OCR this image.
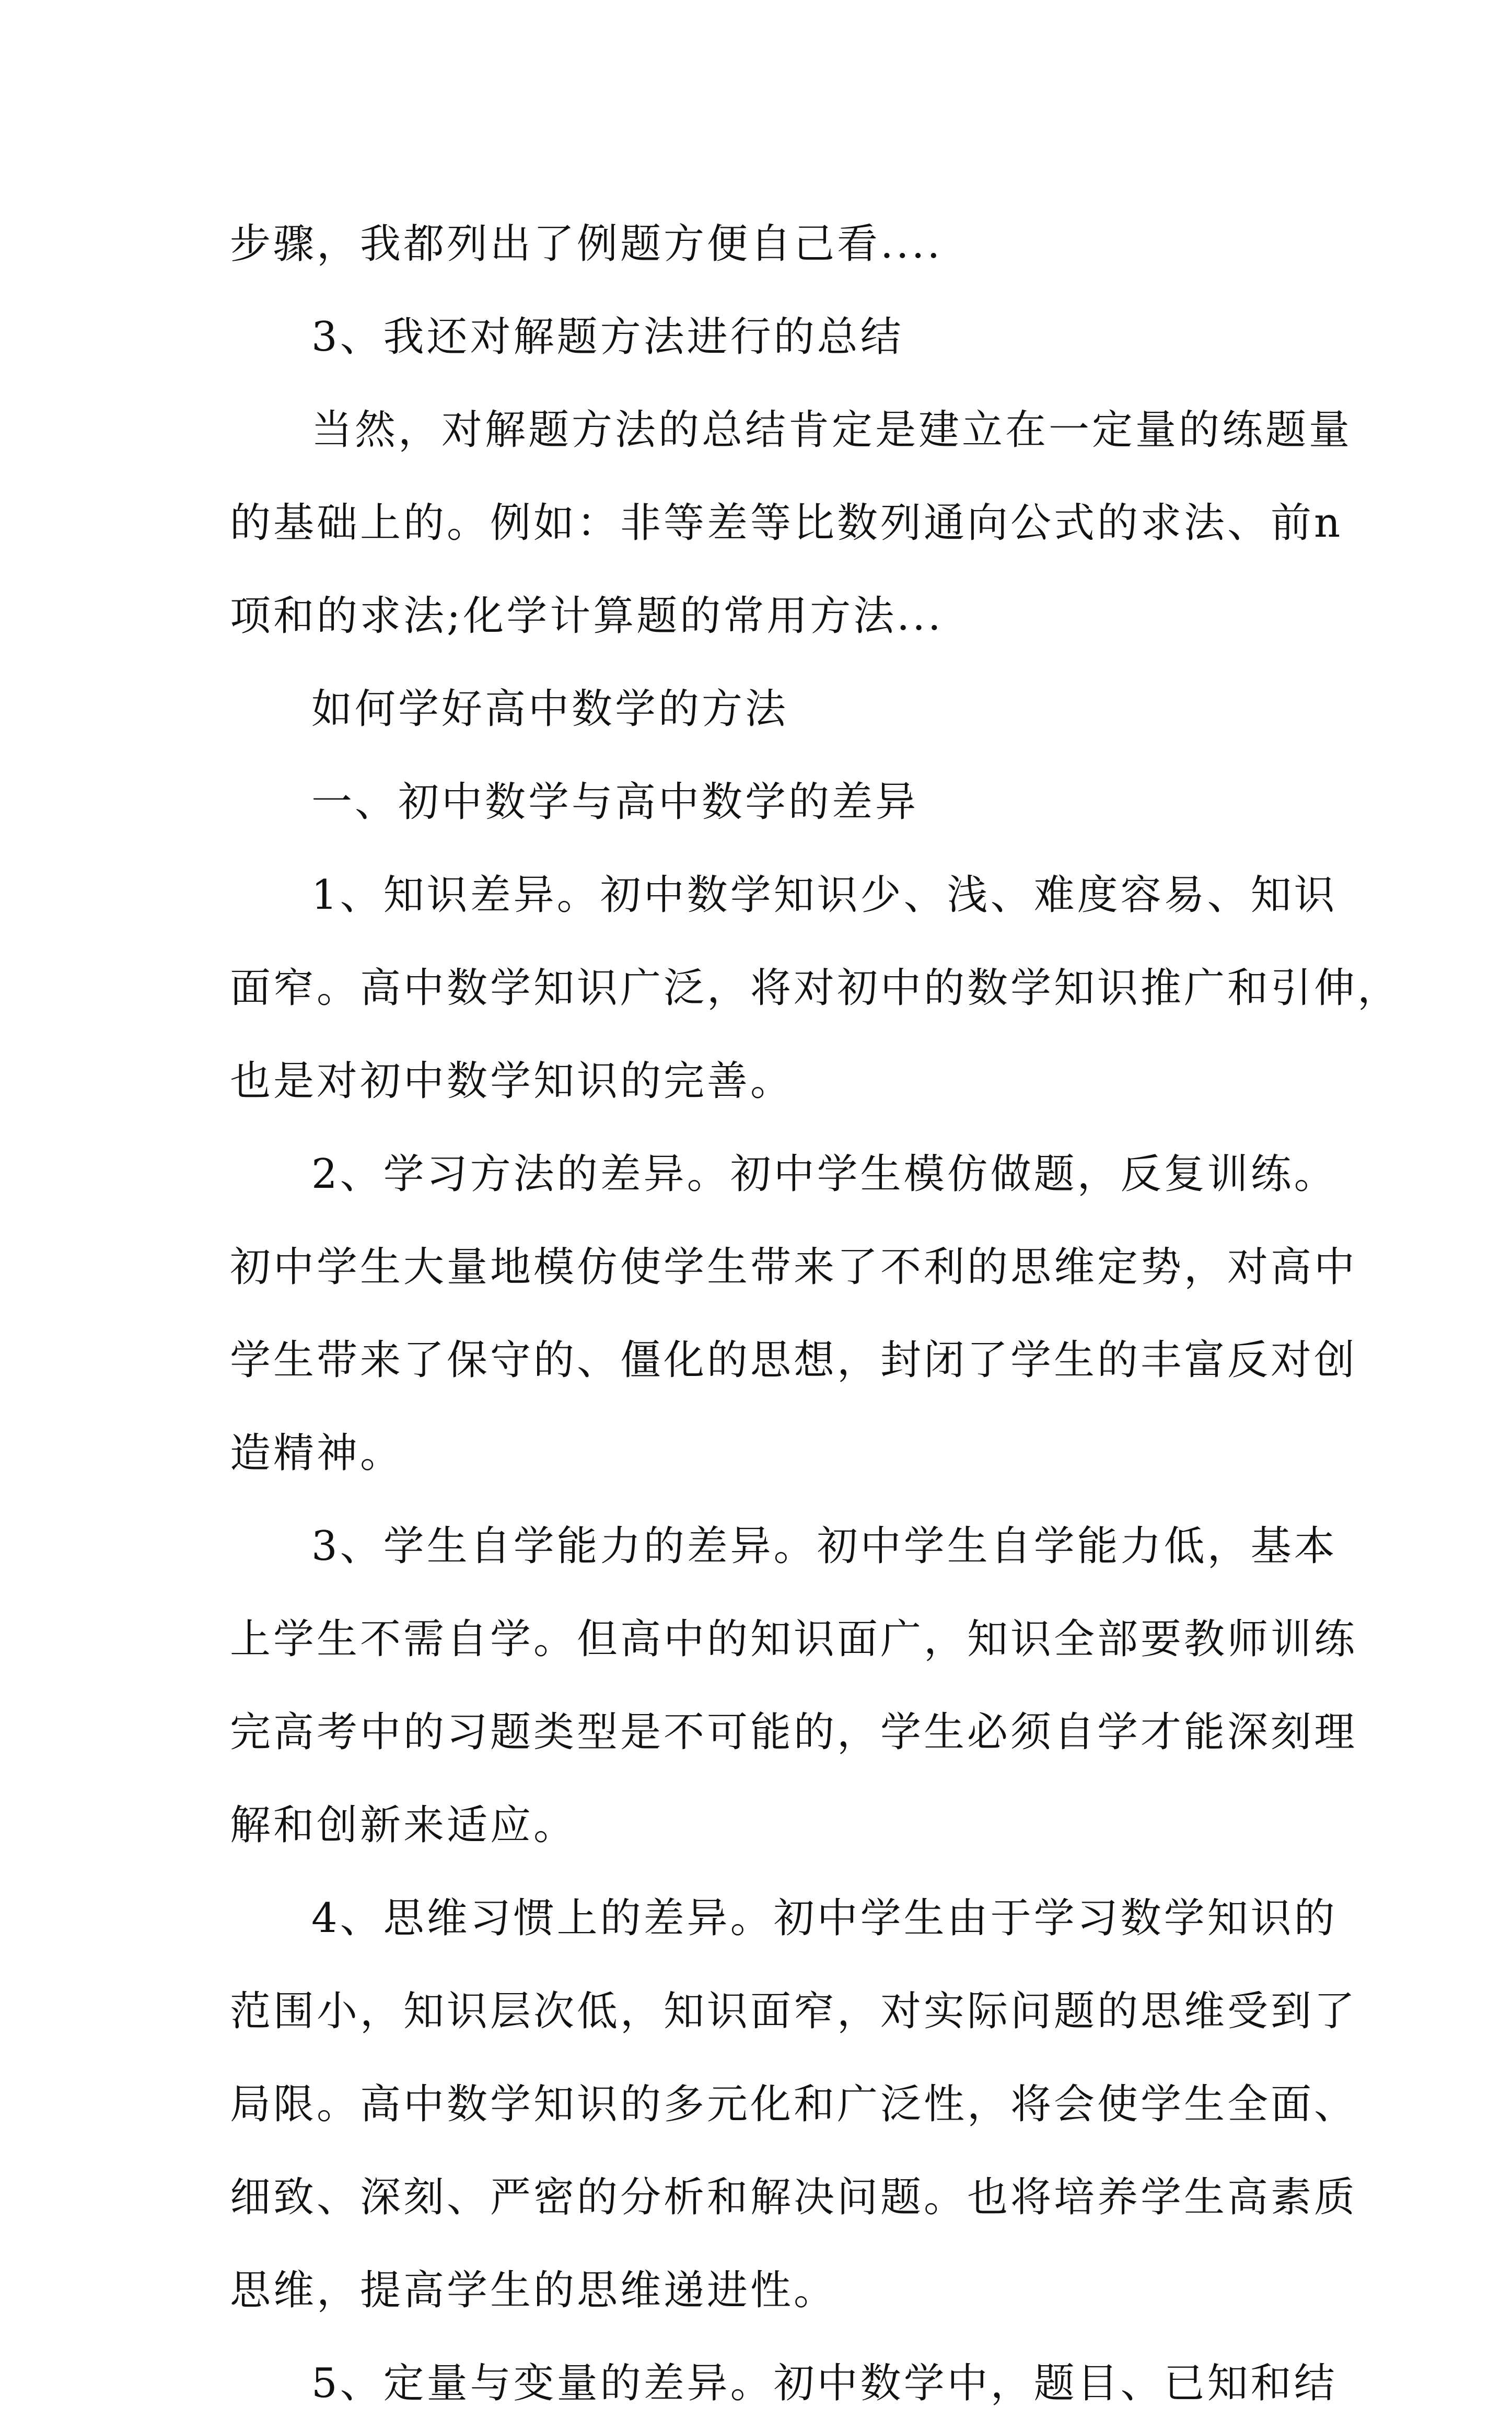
步骤，我都列出了例题方便自己看....
3、我还对解题方法进行的总结
当然，对解题方法的总结肯定是建立在一定量的练题量
的基础上的。例如：非等差等比数列通向公式的求法、前n
项和的求法;化学计算题的常用方法...
如何学好高中数学的方法
一、初中数学与高中数学的差异
1、知识差异。初中数学知识少、浅、难度容易、知识
面窄。高中数学知识广泛，将对初中的数学知识推广和引伸，
也是对初中数学知识的完善。
2、学习方法的差异。初中学生模仿做题，反复训练。
初中学生大量地模仿使学生带来了不利的思维定势，对高中
学生带来了保守的、僵化的思想，封闭了学生的丰富反对创
造精神。
3、学生自学能力的差异。初中学生自学能力低，基本
上学生不需自学。但高中的知识面广，知识全部要教师训练
完高考中的习题类型是不可能的，学生必须自学才能深刻理
解和创新来适应。
4、思维习惯上的差异。初中学生由于学习数学知识的
范围小，知识层次低，知识面窄，对实际问题的思维受到了
局限。高中数学知识的多元化和广泛性，将会使学生全面、
细致、深刻、严密的分析和解决问题。也将培养学生高素质
思维，提高学生的思维递进性。
5、定量与变量的差异。初中数学中，题目、已知和结
